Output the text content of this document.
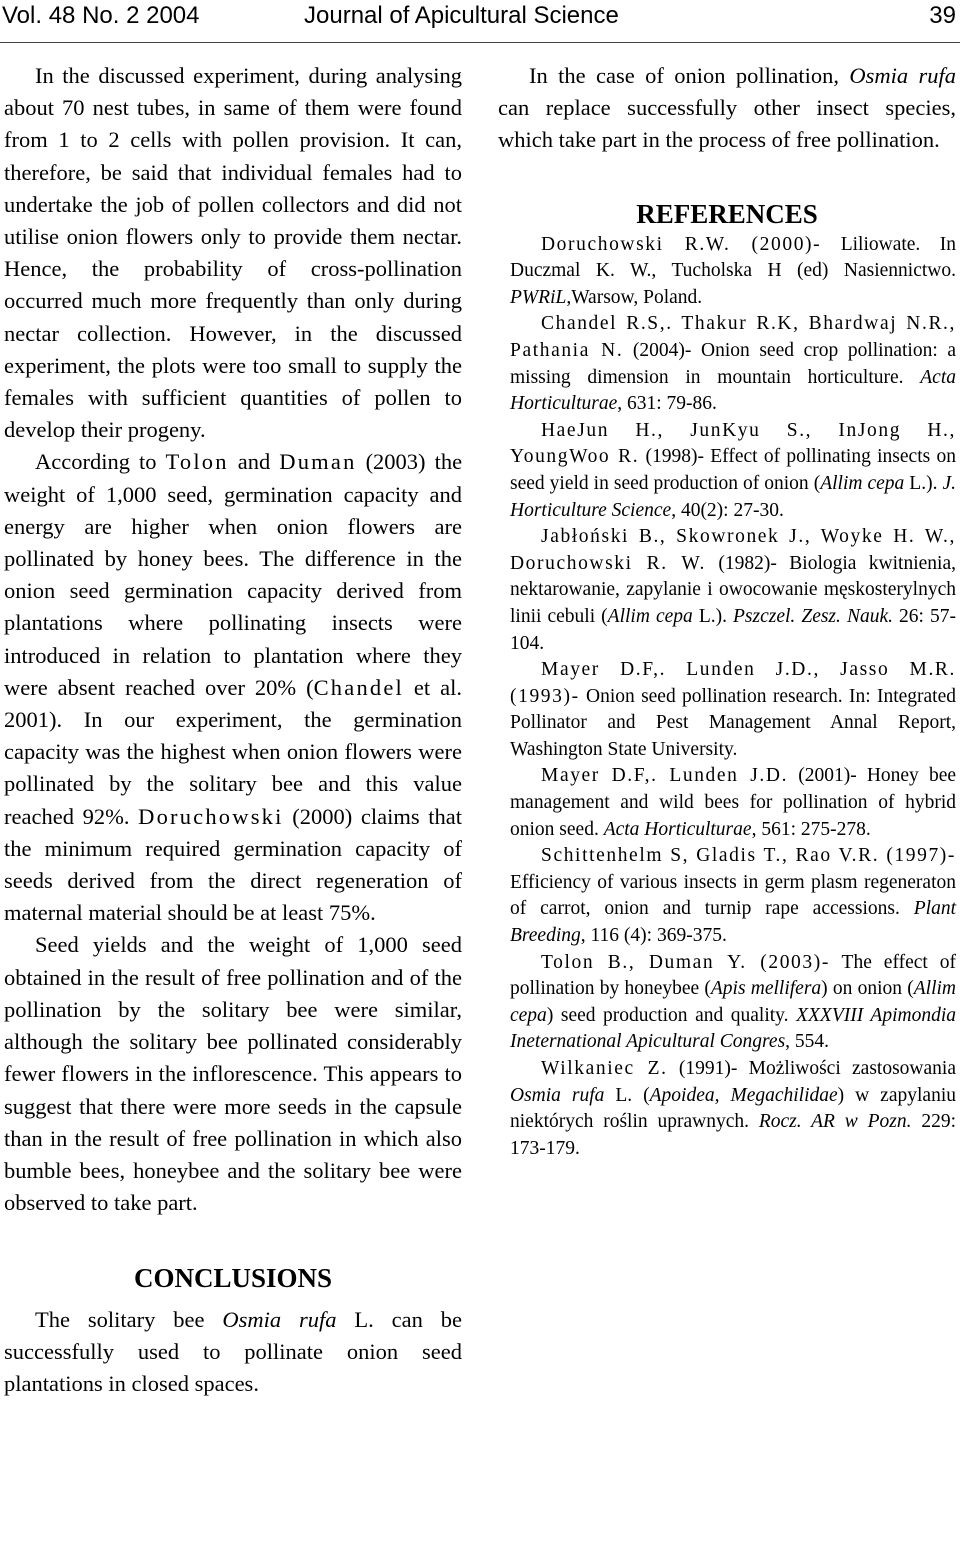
Vol. 48 No. 2 2004	Journal of Apicultural Science	39

In the discussed experiment, during analysing about 70 nest tubes, in same of them were found from 1 to 2 cells with pollen provision. It can, therefore, be said that individual females had to undertake the job of pollen collectors and did not utilise onion flowers only to provide them nectar. Hence, the probability of cross-pollination occurred much more frequently than only during nectar collection. However, in the discussed experiment, the plots were too small to supply the females with sufficient quantities of pollen to develop their progeny.

According to Tolon and Duman (2003) the weight of 1,000 seed, germination capacity and energy are higher when onion flowers are pollinated by honey bees. The difference in the onion seed germination capacity derived from plantations where pollinating insects were introduced in relation to plantation where they were absent reached over 20% (Chandel et al. 2001). In our experiment, the germination capacity was the highest when onion flowers were pollinated by the solitary bee and this value reached 92%. Doruchowski (2000) claims that the minimum required germination capacity of seeds derived from the direct regeneration of maternal material should be at least 75%.

Seed yields and the weight of 1,000 seed obtained in the result of free pollination and of the pollination by the solitary bee were similar, although the solitary bee pollinated considerably fewer flowers in the inflorescence. This appears to suggest that there were more seeds in the capsule than in the result of free pollination in which also bumble bees, honeybee and the solitary bee were observed to take part.

CONCLUSIONS

The solitary bee Osmia rufa L. can be successfully used to pollinate onion seed plantations in closed spaces.

In the case of onion pollination, Osmia rufa can replace successfully other insect species, which take part in the process of free pollination.

REFERENCES

Doruchowski R.W. (2000)- Liliowate. In Duczmal K. W., Tucholska H (ed) Nasiennictwo. PWRiL,Warsow, Poland.

Chandel R.S,. Thakur R.K, Bhardwaj N.R., Pathania N. (2004)- Onion seed crop pollination: a missing dimension in mountain horticulture. Acta Horticulturae, 631: 79-86.

HaeJun H., JunKyu S., InJong H., YoungWoo R. (1998)- Effect of pollinating insects on seed yield in seed production of onion (Allim cepa L.). J. Horticulture Science, 40(2): 27-30.

Jabłoński B., Skowronek J., Woyke H. W., Doruchowski R. W. (1982)- Biologia kwitnienia, nektarowanie, zapylanie i owocowanie męskosterylnych linii cebuli (Allim cepa L.). Pszczel. Zesz. Nauk. 26: 57-104.

Mayer D.F,. Lunden J.D., Jasso M.R. (1993)- Onion seed pollination research. In: Integrated Pollinator and Pest Management Annal Report, Washington State University.

Mayer D.F,. Lunden J.D. (2001)- Honey bee management and wild bees for pollination of hybrid onion seed. Acta Horticulturae, 561: 275-278.

Schittenhelm S, Gladis T., Rao V.R. (1997)- Efficiency of various insects in germ plasm regeneraton of carrot, onion and turnip rape accessions. Plant Breeding, 116 (4): 369-375.

Tolon B., Duman Y. (2003)- The effect of pollination by honeybee (Apis mellifera) on onion (Allim cepa) seed production and quality. XXXVIII Apimondia Ineternational Apicultural Congres, 554.

Wilkaniec Z. (1991)- Możliwości zastosowania Osmia rufa L. (Apoidea, Megachilidae) w zapylaniu niektórych roślin uprawnych. Rocz. AR w Pozn. 229: 173-179.
